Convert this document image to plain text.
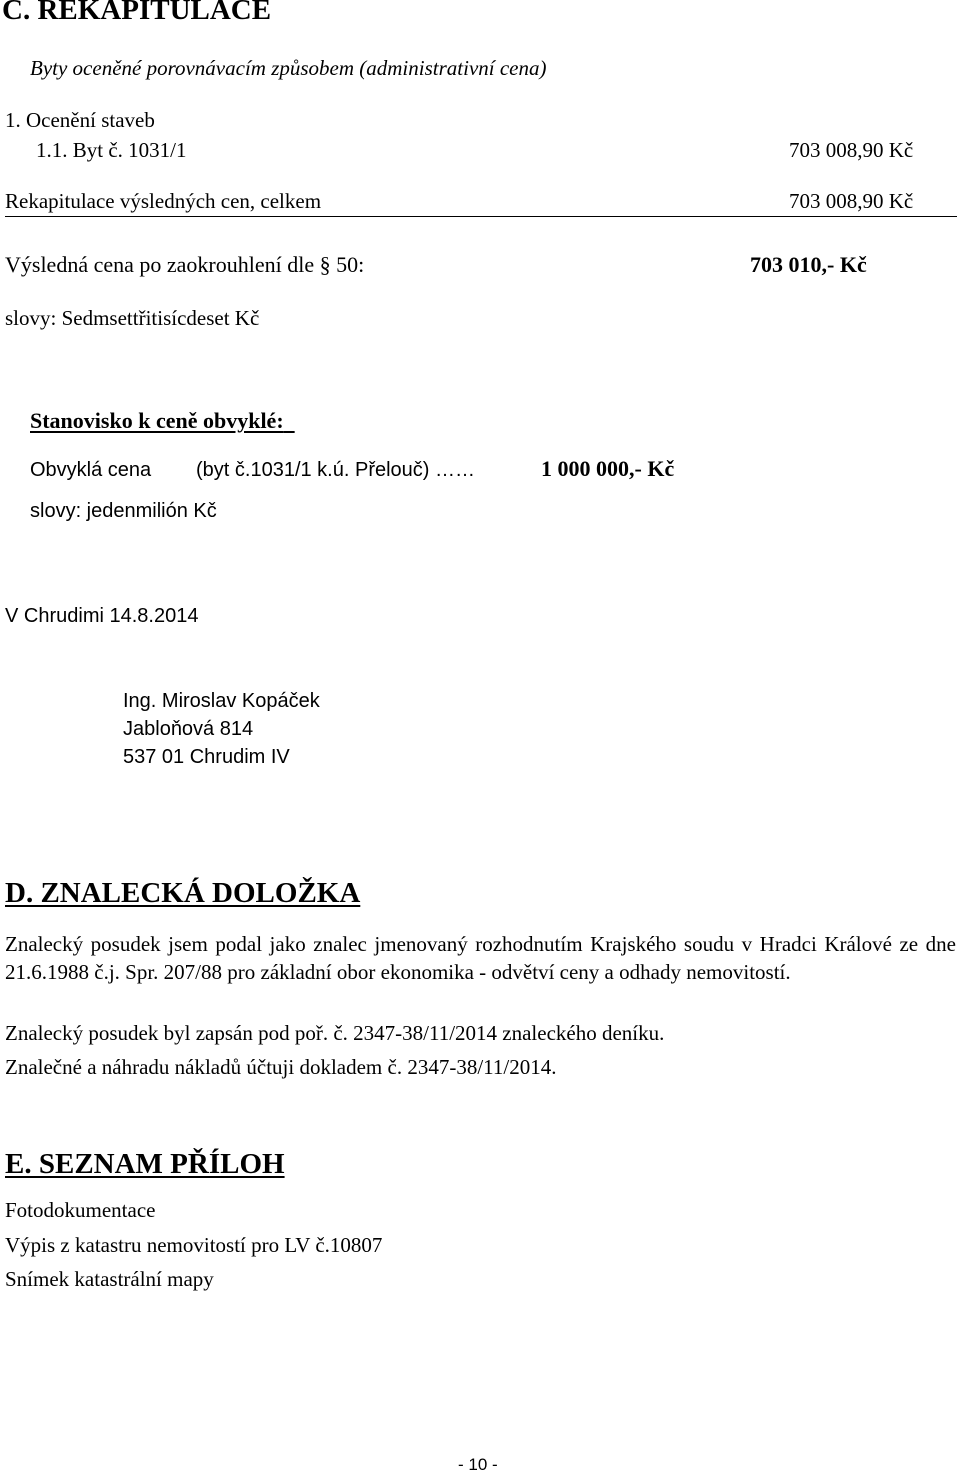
C. REKAPITULACE
Byty oceněné porovnávacím způsobem (administrativní cena)
1. Ocenění staveb
1.1. Byt č. 1031/1	703 008,90 Kč
Rekapitulace výsledných cen, celkem	703 008,90 Kč
Výsledná cena po zaokrouhlení dle § 50:	703 010,- Kč
slovy: Sedmsettřitisícdeset Kč
Stanovisko k ceně obvyklé:
Obvyklá cena (byt č.1031/1 k.ú. Přelouč) ……	1 000 000,- Kč
slovy: jedenmilión Kč
V Chrudimi 14.8.2014
Ing. Miroslav Kopáček
Jabloňová 814
537 01 Chrudim IV
D. ZNALECKÁ DOLOŽKA
Znalecký posudek jsem podal jako znalec jmenovaný rozhodnutím Krajského soudu v Hradci Králové ze dne 21.6.1988 č.j. Spr. 207/88 pro základní obor ekonomika - odvětví ceny a odhady nemovitostí.
Znalecký posudek byl zapsán pod poř. č. 2347-38/11/2014 znaleckého deníku.
Znalečné a náhradu nákladů účtuji dokladem č. 2347-38/11/2014.
E. SEZNAM PŘÍLOH
Fotodokumentace
Výpis z katastru nemovitostí pro LV č.10807
Snímek katastrální mapy
- 10 -
